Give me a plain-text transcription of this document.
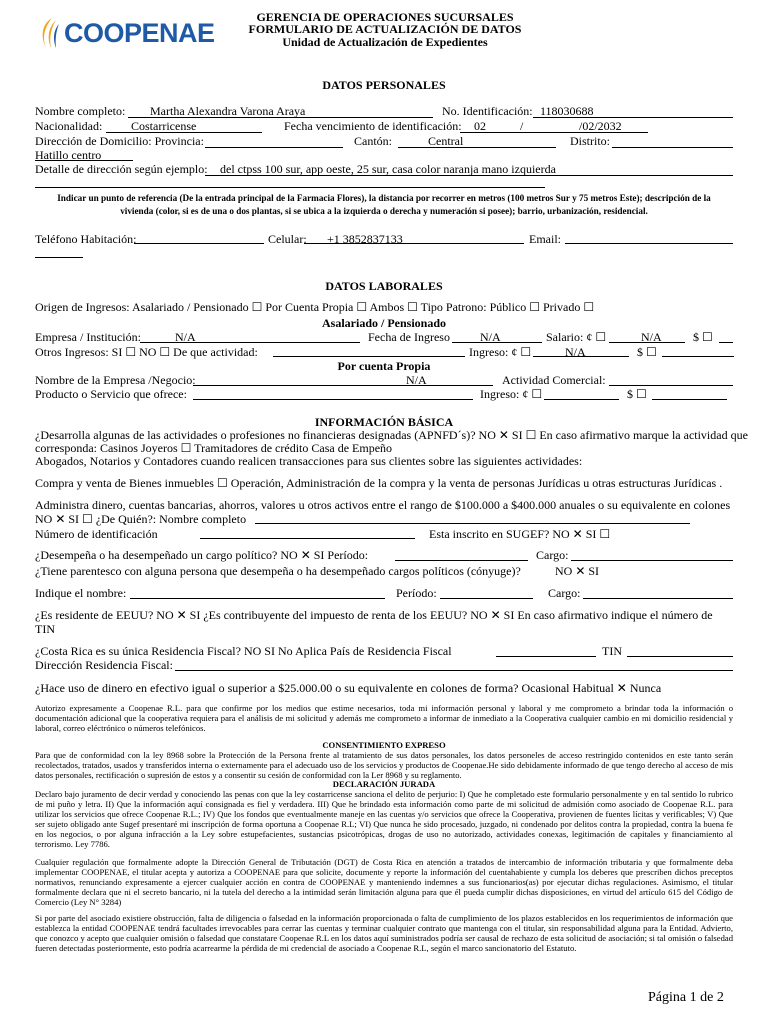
COOPENAE
GERENCIA DE OPERACIONES SUCURSALES
FORMULARIO DE ACTUALIZACIÓN DE DATOS
Unidad de Actualización de Expedientes
DATOS PERSONALES
Nombre completo: Martha Alexandra Varona Araya	No. Identificación: 118030688
Nacionalidad: Costarricense	Fecha vencimiento de identificación: 02	/	/02/2032
Dirección de Domicilio: Provincia:	Cantón:	Central	Distrito:
Hatillo centro
Detalle de dirección según ejemplo: del ctpss 100 sur, app oeste, 25 sur, casa color naranja mano izquierda
Indicar un punto de referencia (De la entrada principal de la Farmacia Flores), la distancia por recorrer en metros (100 metros Sur y 75 metros Este); descripción de la vivienda (color, si es de una o dos plantas, si se ubica a la izquierda o derecha y numeración si posee); barrio, urbanización, residencial.
Teléfono Habitación:	Celular: +1 3852837133	Email:
DATOS LABORALES
Origen de Ingresos: Asalariado / Pensionado ☐ Por Cuenta Propia ☐ Ambos ☐ Tipo Patrono: Público ☐ Privado ☐
Asalariado / Pensionado
Empresa / Institución:	N/A	Fecha de Ingreso	N/A	Salario: ¢ ☐	N/A	$ ☐
Otros Ingresos: SI ☐ NO ☐ De que actividad:	Ingreso: ¢ ☐	N/A	$ ☐
Por cuenta Propia
Nombre de la Empresa /Negocio:	N/A	Actividad Comercial:
Producto o Servicio que ofrece:	Ingreso: ¢ ☐	$ ☐
INFORMACIÓN BÁSICA
¿Desarrolla algunas de las actividades o profesiones no financieras designadas (APNFD´s)? NO ✕ SI ☐ En caso afirmativo marque la actividad que
corresponda: Casinos Joyeros ☐ Tramitadores de crédito Casa de Empeño
Abogados, Notarios y Contadores cuando realicen transacciones para sus clientes sobre las siguientes actividades:
Compra y venta de Bienes inmuebles ☐ Operación, Administración de la compra y la venta de personas Jurídicas u otras estructuras Jurídicas .
Administra dinero, cuentas bancarias, ahorros, valores u otros activos entre el rango de $100.000 a $400.000 anuales o su equivalente en colones
NO ✕ SI ☐ ¿De Quién?: Nombre completo
Número de identificación	Esta inscrito en SUGEF? NO ✕ SI ☐
¿Desempeña o ha desempeñado un cargo político? NO ✕ SI Período:	Cargo:
¿Tiene parentesco con alguna persona que desempeña o ha desempeñado cargos políticos (cónyuge)?	NO ✕ SI
Indique el nombre:	Período:	Cargo:
¿Es residente de EEUU? NO ✕ SI ¿Es contribuyente del impuesto de renta de los EEUU? NO ✕ SI En caso afirmativo indique el número de
TIN
¿Costa Rica es su única Residencia Fiscal? NO SI No Aplica País de Residencia Fiscal	TIN
Dirección Residencia Fiscal:
¿Hace uso de dinero en efectivo igual o superior a $25.000.00 o su equivalente en colones de forma? Ocasional Habitual ✕ Nunca
Autorizo expresamente a Coopenae R.L. para que confirme por los medios que estime necesarios, toda mi información personal y laboral y me comprometo a brindar toda la información o documentación adicional que la cooperativa requiera para el análisis de mi solicitud y además me comprometo a informar de inmediato a la Cooperativa cualquier cambio en mi domicilio residencial y laboral, correo eléctrónico o números telefónicos.
CONSENTIMIENTO EXPRESO
Para que de conformidad con la ley 8968 sobre la Protección de la Persona frente al tratamiento de sus datos personales, los datos personeles de acceso restringido contenidos en este tanto serán recolectados, tratados, usados y transferidos interna o externamente para el adecuado uso de los servicios y productos de Coopenae.He sido debidamente informado de que tengo derecho al acceso de mis datos personales, rectificación o supresión de estos y a consentir su cesión de conformidad con la Ler 8968 y su reglamento.
DECLARACIÓN JURADA
Declaro bajo juramento de decir verdad y conociendo las penas con que la ley costarricense sanciona el delito de perjurio: I) Que he completado este formulario personalmente y en tal sentido lo rubrico de mi puño y letra. II) Que la información aquí consignada es fiel y verdadera. III) Que he brindado esta información como parte de mi solicitud de admisión como asociado de Coopenae R.L. para utilizar los servicios que ofrece Coopenae R.L.; IV) Que los fondos que eventualmente maneje en las cuentas y/o servicios que ofrece la Cooperativa, provienen de fuentes lícitas y verificables; V) Que ser sujeto obligado ante Sugef presentaré mi inscripción de forma oportuna a Coopenae R.L; VI) Que nunca he sido procesado, juzgado, ni condenado por delitos contra la propiedad, contra la buena fe en los negocios, o por alguna infracción a la Ley sobre estupefacientes, sustancias psicotrópicas, drogas de uso no autorizado, actividades conexas, legitimación de capitales y financiamiento al terrorismo. Ley 7786.
Cualquier regulación que formalmente adopte la Dirección General de Tributación (DGT) de Costa Rica en atención a tratados de intercambio de información tributaria y que formalmente deba implementar COOPENAE, el titular acepta y autoriza a COOPENAE para que solicite, documente y reporte la información del cuentahabiente y cumpla los deberes que prescriben dichos preceptos normativos, renunciando expresamente a ejercer cualquier acción en contra de COOPENAE y manteniendo indemnes a sus funcionarios(as) por ejecutar dichas regulaciones. Asimismo, el titular formalmente declara que ni el secreto bancario, ni la tutela del derecho a la intimidad serán limitación alguna para que él pueda cumplir dichas disposiciones, en virtud del artículo 615 del Código de Comercio (Ley N° 3284)
Si por parte del asociado existiere obstrucción, falta de diligencia o falsedad en la información proporcionada o falta de cumplimiento de los plazos establecidos en los requerimientos de información que establezca la entidad COOPENAE tendrá facultades irrevocables para cerrar las cuentas y terminar cualquier contrato que mantenga con el titular, sin responsabilidad alguna para la Entidad. Advierto, que conozco y acepto que cualquier omisión o falsedad que constatare Coopenae R.L en los datos aquí suministrados podría ser causal de rechazo de esta solicitud de asociación; si tal omisión o falsedad fueren detectadas posteriormente, esto podría acarrearme la pérdida de mi credencial de asociado a Coopenae R.L, según el marco sancionatorio del Estatuto.
Página 1 de 2
